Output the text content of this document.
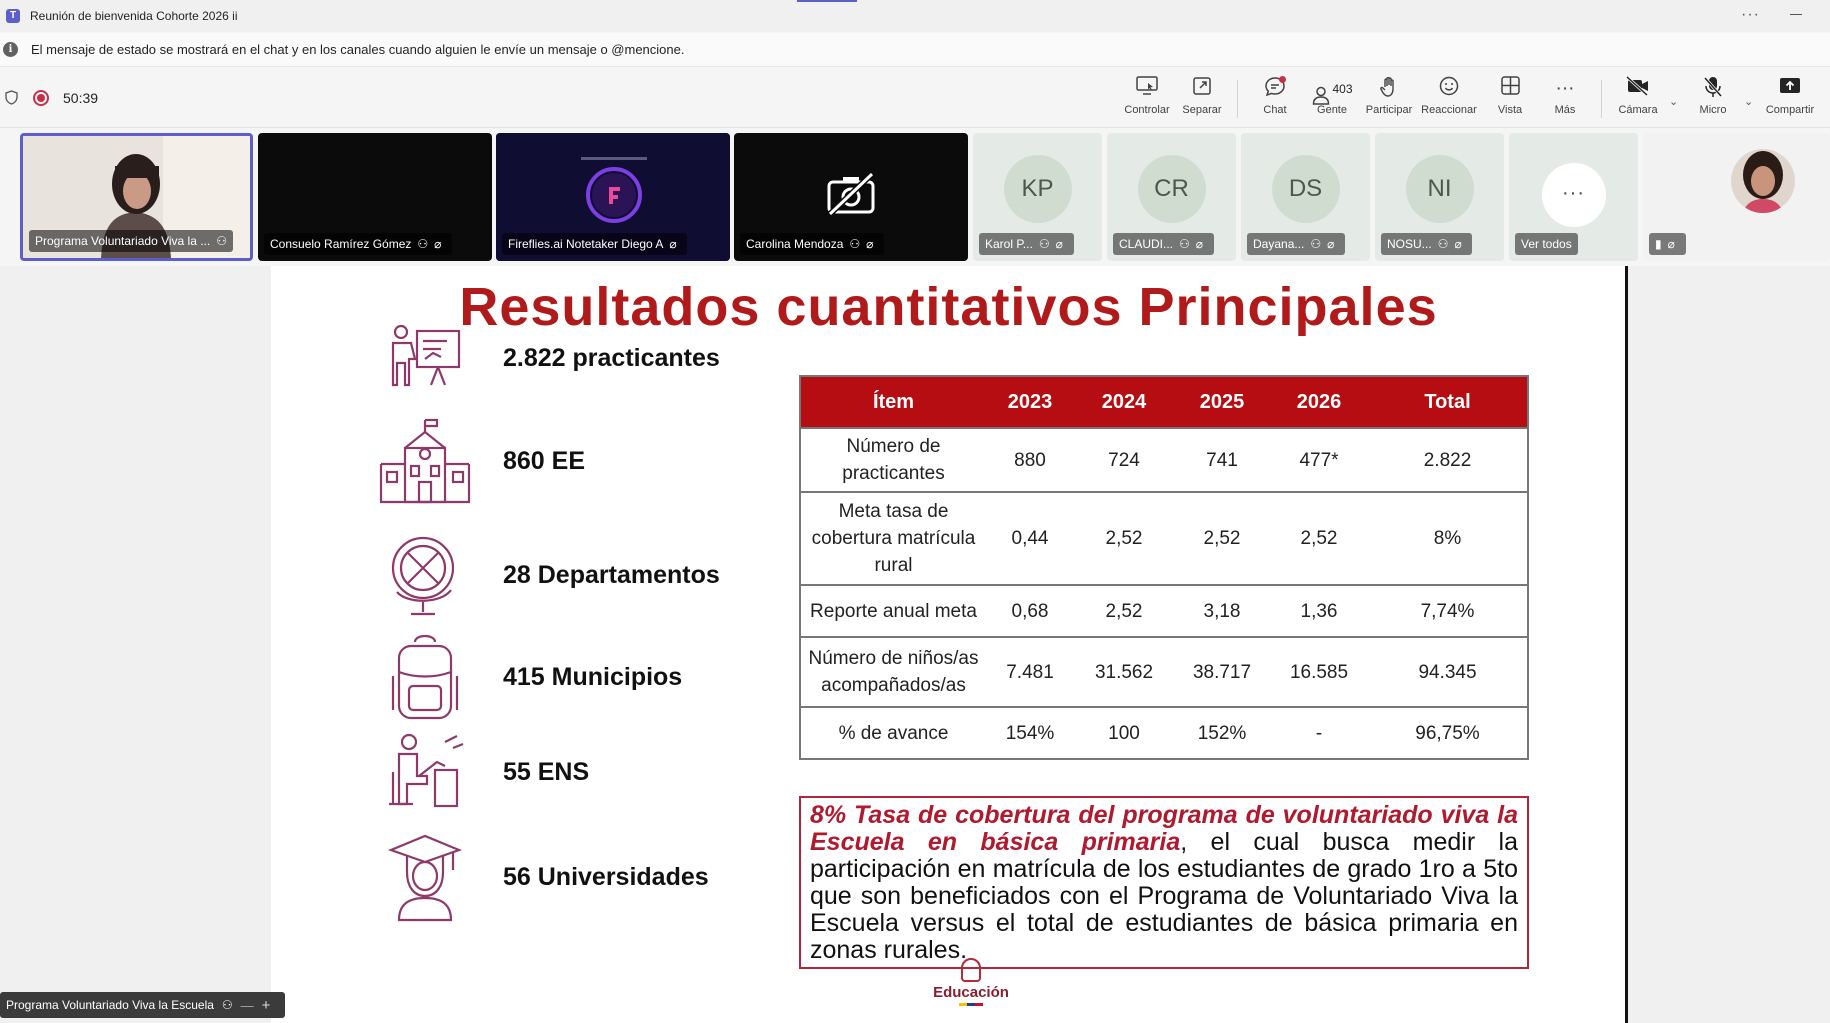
T	Reunión de bienvenida Cohorte 2026 ii	···
i	El mensaje de estado se mostrará en el chat y en los canales cuando alguien le envíe un mensaje o @mencione.
50:39
Controlar	Separar	Chat
$^{403}$
Gente	Participar Reaccionar	Vista
···
Más	Cámara
⌄
Micro
⌄
Compartir
Programa Voluntariado Viva la ... ⚇	Consuelo Ramírez Gómez ⚇ ⌀	Fireflies.ai Notetaker Diego A ⌀	Carolina Mendoza ⚇ ⌀
KP
Karol P... ⚇ ⌀
CR
CLAUDI... ⚇ ⌀
DS
Dayana... ⚇ ⌀
NI
NOSU... ⚇ ⌀
···
Ver todos	▮ ⌀
Resultados cuantitativos Principales
2.822 practicantes
860 EE
28 Departamentos
415 Municipios
55 ENS
56 Universidades
Ítem	2023	2024	2025	2026	Total
Número de practicantes	880	724	741	477*	2.822
Meta tasa de cobertura matrícula rural	0,44	2,52	2,52	2,52	8%
Reporte anual meta	0,68	2,52	3,18	1,36	7,74%
Número de niños/as acompañados/as	7.481	31.562	38.717	16.585	94.345
% de avance	154%	100	152%	-	96,75%
8% Tasa de cobertura del programa de voluntariado viva la Escuela en básica primaria, el cual busca medir la participación en matrícula de los estudiantes de grado 1ro a 5to que son beneficiados con el Programa de Voluntariado Viva la Escuela versus el total de estudiantes de básica primaria en zonas rurales.
Educación
Programa Voluntariado Viva la Escuela ⚇ — +
